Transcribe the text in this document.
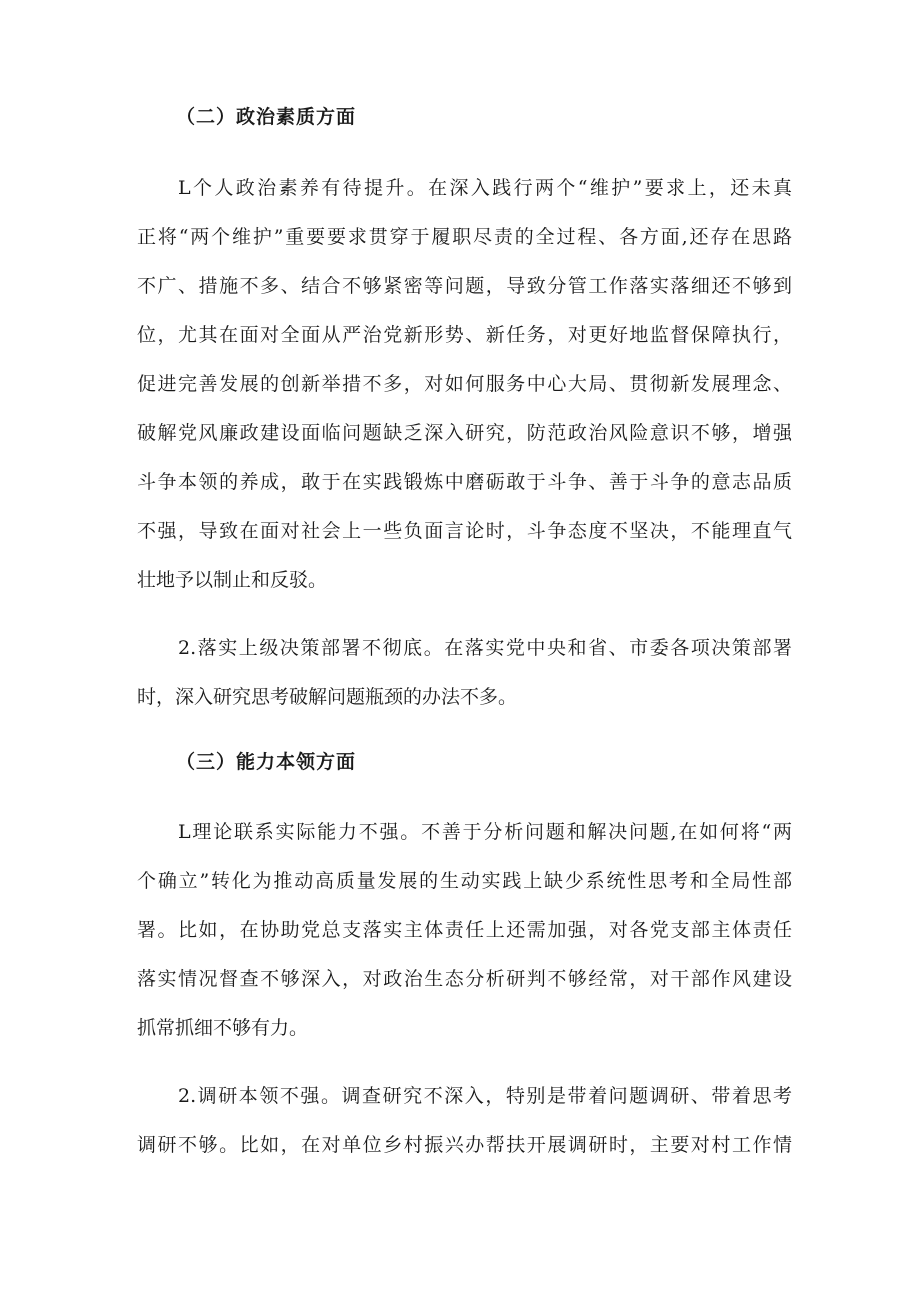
（二）政治素质方面
L个人政治素养有待提升。在深入践行两个“维护”要求上，还未真
正将“两个维护”重要要求贯穿于履职尽责的全过程、各方面,还存在思路
不广、措施不多、结合不够紧密等问题，导致分管工作落实落细还不够到
位，尤其在面对全面从严治党新形势、新任务，对更好地监督保障执行，
促进完善发展的创新举措不多，对如何服务中心大局、贯彻新发展理念、
破解党风廉政建设面临问题缺乏深入研究，防范政治风险意识不够，增强
斗争本领的养成，敢于在实践锻炼中磨砺敢于斗争、善于斗争的意志品质
不强，导致在面对社会上一些负面言论时，斗争态度不坚决，不能理直气
壮地予以制止和反驳。
2.落实上级决策部署不彻底。在落实党中央和省、市委各项决策部署
时，深入研究思考破解问题瓶颈的办法不多。
（三）能力本领方面
L理论联系实际能力不强。不善于分析问题和解决问题,在如何将“两
个确立”转化为推动高质量发展的生动实践上缺少系统性思考和全局性部
署。比如，在协助党总支落实主体责任上还需加强，对各党支部主体责任
落实情况督查不够深入，对政治生态分析研判不够经常，对干部作风建设
抓常抓细不够有力。
2.调研本领不强。调查研究不深入，特别是带着问题调研、带着思考
调研不够。比如，在对单位乡村振兴办帮扶开展调研时，主要对村工作情
